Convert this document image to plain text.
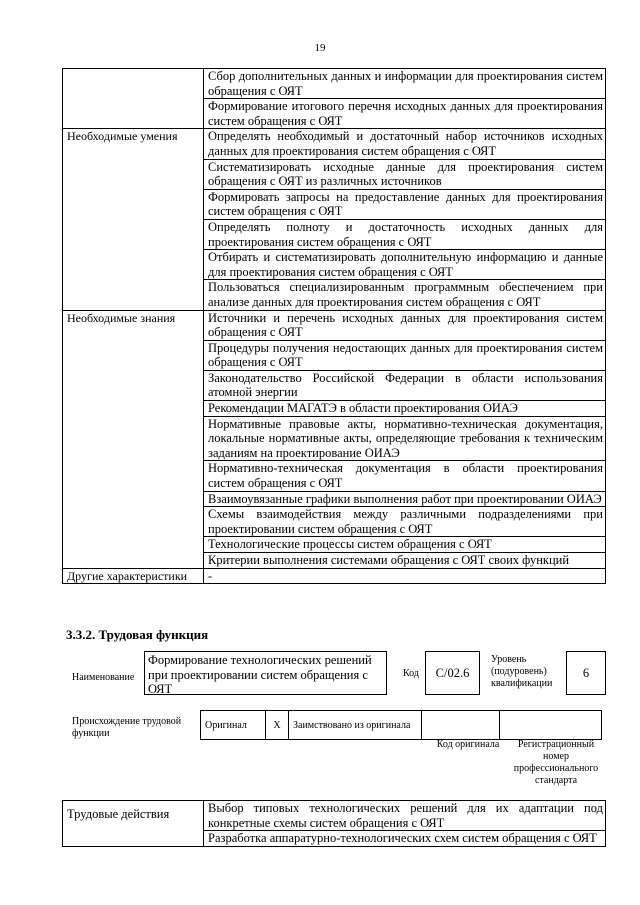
19
	Сбор дополнительных данных и информации для проектирования систем обращения с ОЯТ
	Формирование итогового перечня исходных данных для проектирования систем обращения с ОЯТ
Необходимые умения	Определять необходимый и достаточный набор источников исходных данных для проектирования систем обращения с ОЯТ
	Систематизировать исходные данные для проектирования систем обращения с ОЯТ из различных источников
	Формировать запросы на предоставление данных для проектирования систем обращения с ОЯТ
	Определять полноту и достаточность исходных данных для проектирования систем обращения с ОЯТ
	Отбирать и систематизировать дополнительную информацию и данные для проектирования систем обращения с ОЯТ
	Пользоваться специализированным программным обеспечением при анализе данных для проектирования систем обращения с ОЯТ
Необходимые знания	Источники и перечень исходных данных для проектирования систем обращения с ОЯТ
	Процедуры получения недостающих данных для проектирования систем обращения с ОЯТ
	Законодательство Российской Федерации в области использования атомной энергии
	Рекомендации МАГАТЭ в области проектирования ОИАЭ
	Нормативные правовые акты, нормативно-техническая документация, локальные нормативные акты, определяющие требования к техническим заданиям на проектирование ОИАЭ
	Нормативно-техническая документация в области проектирования систем обращения с ОЯТ
	Взаимоувязанные графики выполнения работ при проектировании ОИАЭ
	Схемы взаимодействия между различными подразделениями при проектировании систем обращения с ОЯТ
	Технологические процессы систем обращения с ОЯТ
	Критерии выполнения системами обращения с ОЯТ своих функций
Другие характеристики	-
3.3.2. Трудовая функция
Наименование
Формирование технологических решений при проектировании систем обращения с ОЯТ
Код	C/02.6
Уровень (подуровень) квалификации
6
Происхождение трудовой функции
Оригинал	X	Заимствовано из оригинала
Код оригинала	Регистрационный номер профессионального стандарта
Трудовые действия	Выбор типовых технологических решений для их адаптации под конкретные схемы систем обращения с ОЯТ
Разработка аппаратурно-технологических схем систем обращения с ОЯТ
